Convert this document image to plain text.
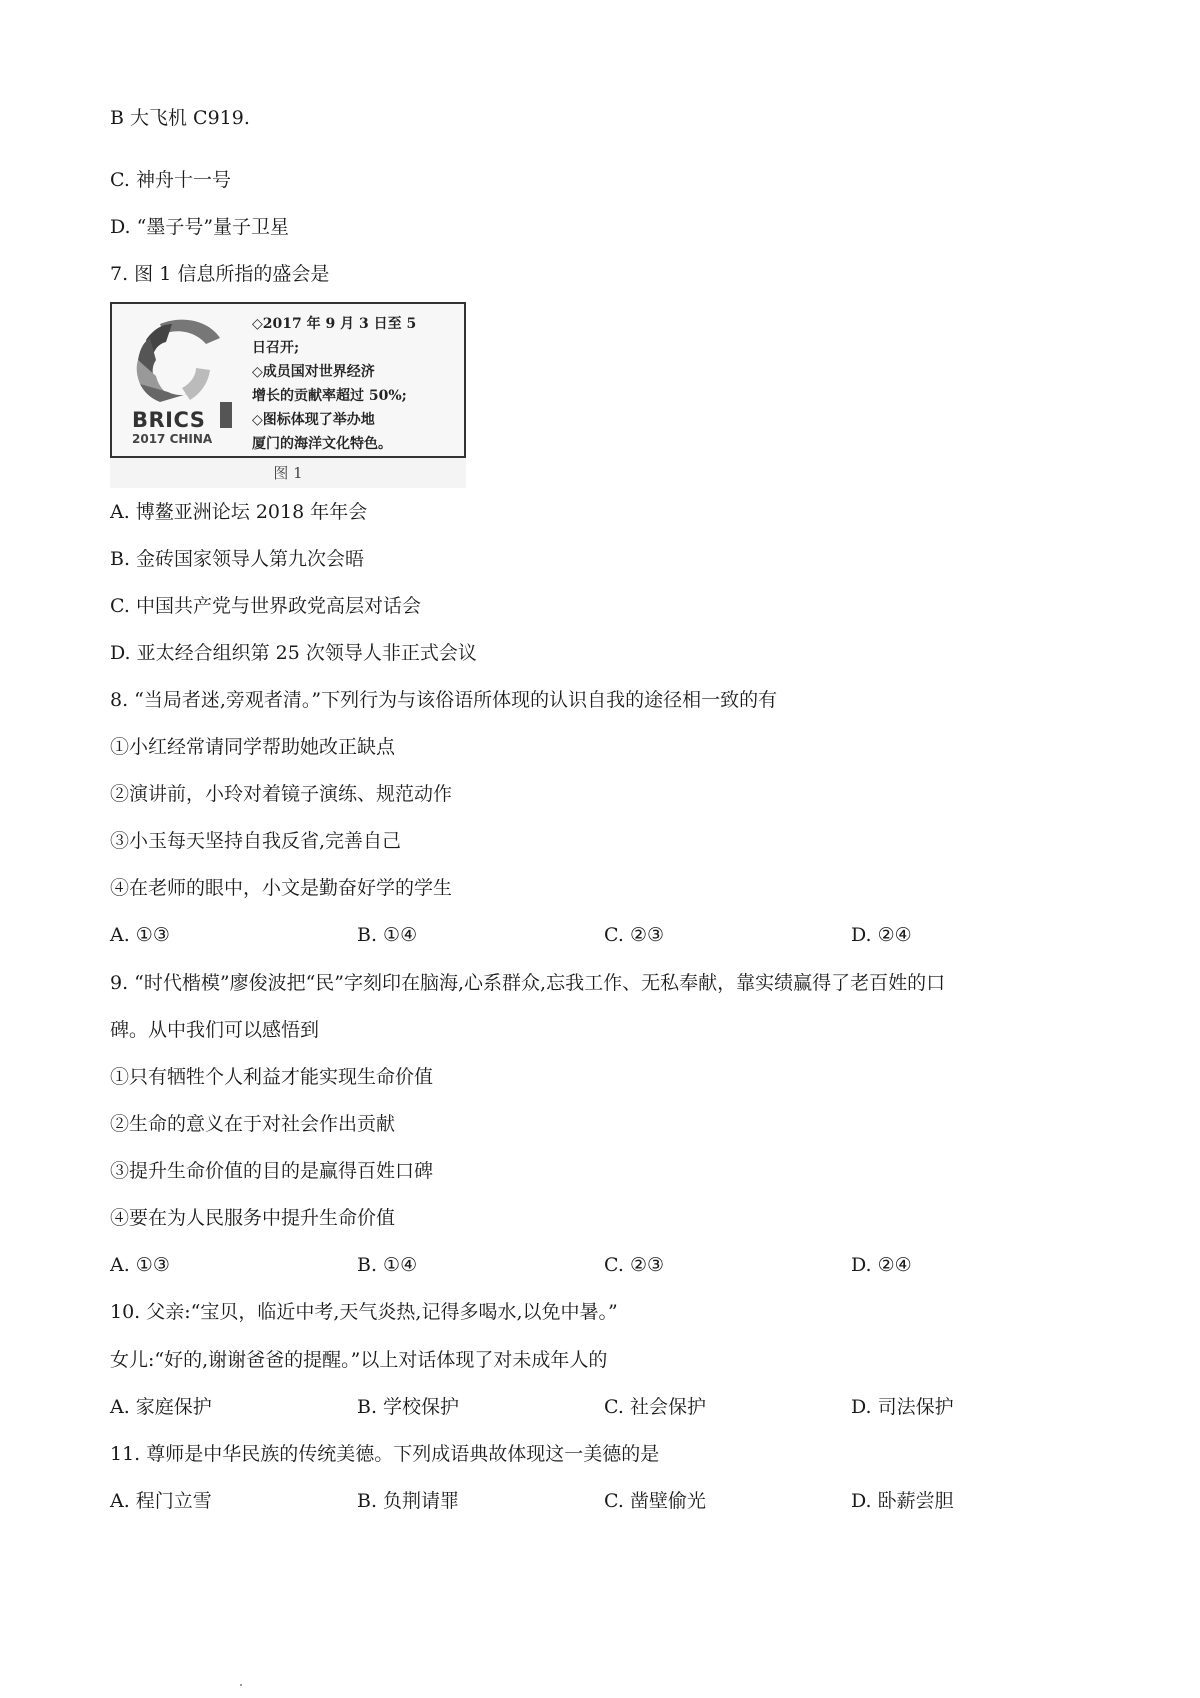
B 大飞机 C919.
C. 神舟十一号
D. “墨子号”量子卫星
7. 图 1 信息所指的盛会是
BRICS
2017 CHINA
◇2017 年 9 月 3 日至 5
日召开;
◇成员国对世界经济
增长的贡献率超过 50%;
◇图标体现了举办地
厦门的海洋文化特色。
图 1
A. 博鳌亚洲论坛 2018 年年会
B. 金砖国家领导人第九次会晤
C. 中国共产党与世界政党高层对话会
D. 亚太经合组织第 25 次领导人非正式会议
8. “当局者迷,旁观者清。”下列行为与该俗语所体现的认识自我的途径相一致的有
①小红经常请同学帮助她改正缺点
②演讲前，小玲对着镜子演练、规范动作
③小玉每天坚持自我反省,完善自己
④在老师的眼中，小文是勤奋好学的学生
A. ①③	B. ①④	C. ②③	D. ②④
9. “时代楷模”廖俊波把“民”字刻印在脑海,心系群众,忘我工作、无私奉献，靠实绩赢得了老百姓的口
碑。从中我们可以感悟到
①只有牺牲个人利益才能实现生命价值
②生命的意义在于对社会作出贡献
③提升生命价值的目的是赢得百姓口碑
④要在为人民服务中提升生命价值
A. ①③	B. ①④	C. ②③	D. ②④
10. 父亲:“宝贝，临近中考,天气炎热,记得多喝水,以免中暑。”
女儿:“好的,谢谢爸爸的提醒。”以上对话体现了对未成年人的
A. 家庭保护	B. 学校保护	C. 社会保护	D. 司法保护
11. 尊师是中华民族的传统美德。下列成语典故体现这一美德的是
A. 程门立雪	B. 负荆请罪	C. 凿壁偷光	D. 卧薪尝胆
